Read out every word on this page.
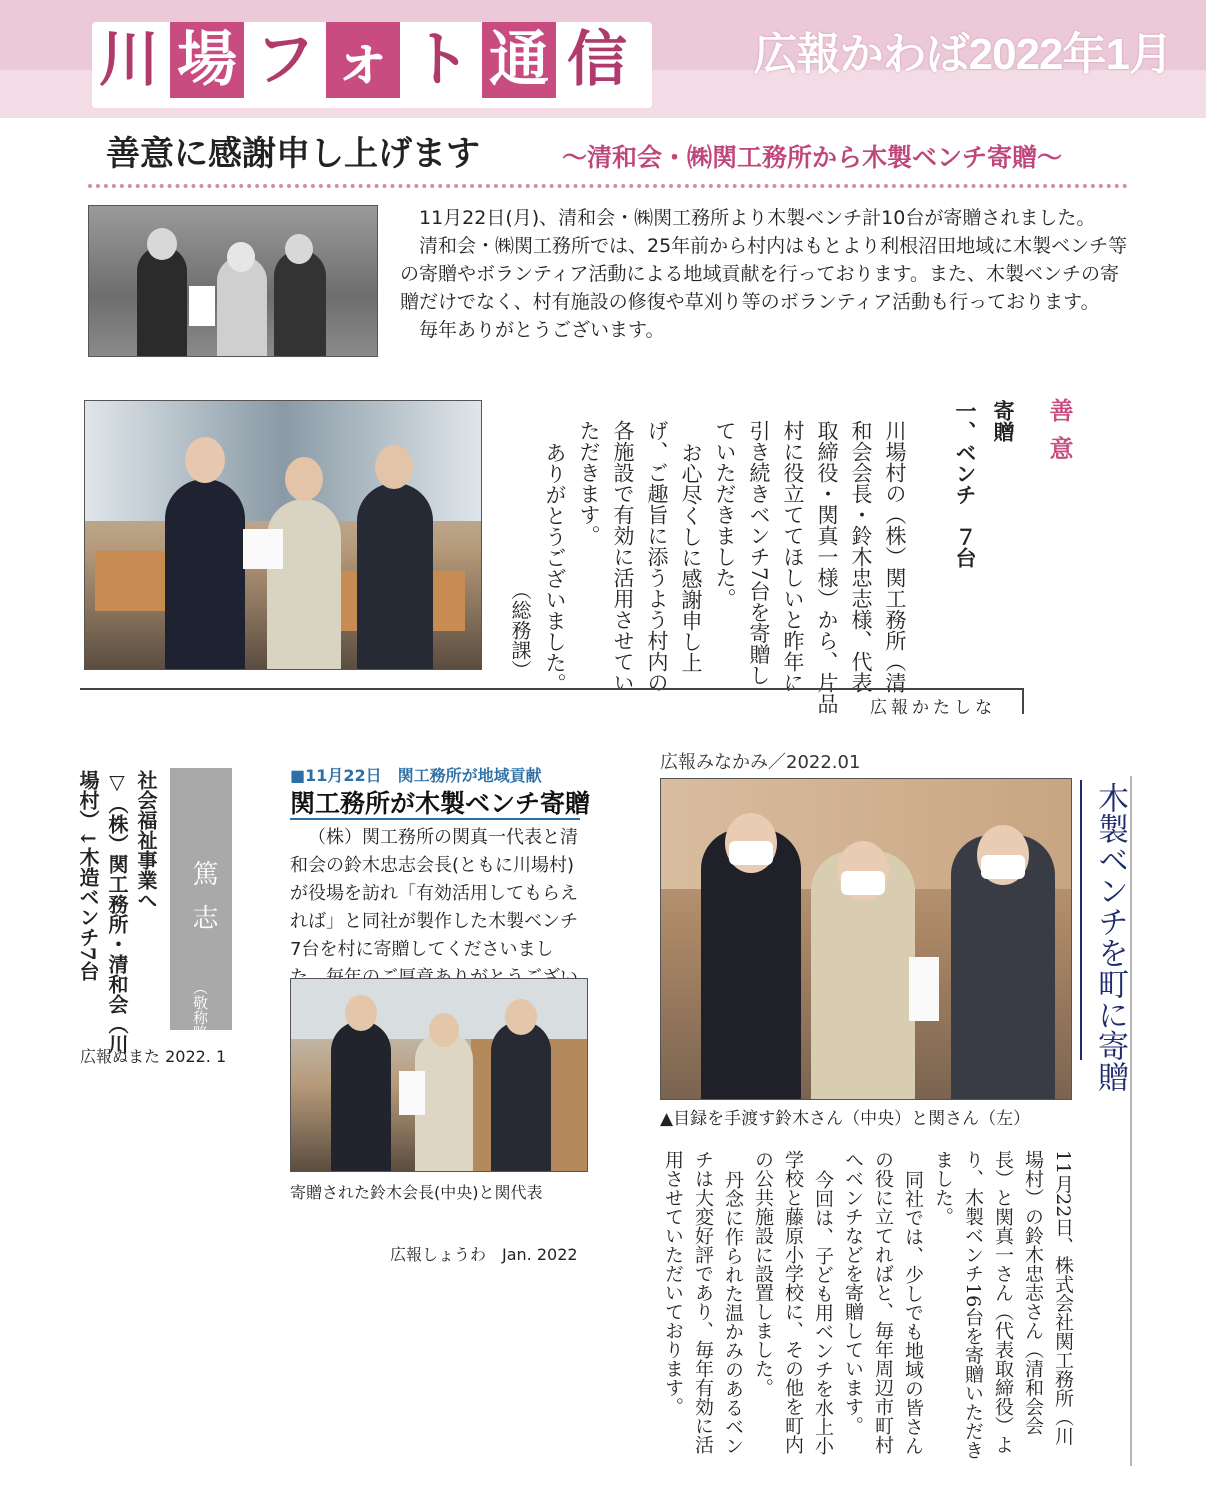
川 場 フ ォ ト 通 信	広報かわば2022年1月
善意に感謝申し上げます	～清和会・㈱関工務所から木製ベンチ寄贈～

11月22日(月)、清和会・㈱関工務所より木製ベンチ計10台が寄贈されました。

清和会・㈱関工務所では、25年前から村内はもとより利根沼田地域に木製ベンチ等の寄贈やボランティア活動による地域貢献を行っております。また、木製ベンチの寄贈だけでなく、村有施設の修復や草刈り等のボランティア活動も行っております。

毎年ありがとうございます。

善意
寄贈
一、ベンチ　７台
川場村の（株）関工務所（清
和会会長・鈴木忠志様、代表
取締役・関真一様）から、片品
村に役立ててほしいと昨年に
引き続きベンチ7台を寄贈し
ていただきました。
お心尽くしに感謝申し上
げ、ご趣旨に添うよう村内の
各施設で有効に活用させてい
ただきます。
ありがとうございました。
（総務課）
広報かたしな
社会福祉事業へ
▽（株）関工務所・清和会（川
場村）↓木造ベンチ7台	篤志
（敬称略）
広報ぬまた 2022. 1
■11月22日　関工務所が地域貢献
関工務所が木製ベンチ寄贈
（株）関工務所の関真一代表と清和会の鈴木忠志会長(ともに川場村)が役場を訪れ「有効活用してもらえれば」と同社が製作した木製ベンチ7台を村に寄贈してくださいまし
寄贈された鈴木会長(中央)と関代表
広報しょうわ　Jan. 2022
広報みなかみ／2022.01
▲目録を手渡す鈴木さん（中央）と関さん（左）
木製ベンチを町に寄贈
11月22日、株式会社関工務所（川
場村）の鈴木忠志さん（清和会会
長）と関真一さん（代表取締役）よ
り、木製ベンチ16台を寄贈いただき
ました。
同社では、少しでも地域の皆さん
の役に立てればと、毎年周辺市町村
へベンチなどを寄贈しています。
今回は、子ども用ベンチを水上小
学校と藤原小学校に、その他を町内
の公共施設に設置しました。
丹念に作られた温かみのあるベン
チは大変好評であり、毎年有効に活
用させていただいております。
